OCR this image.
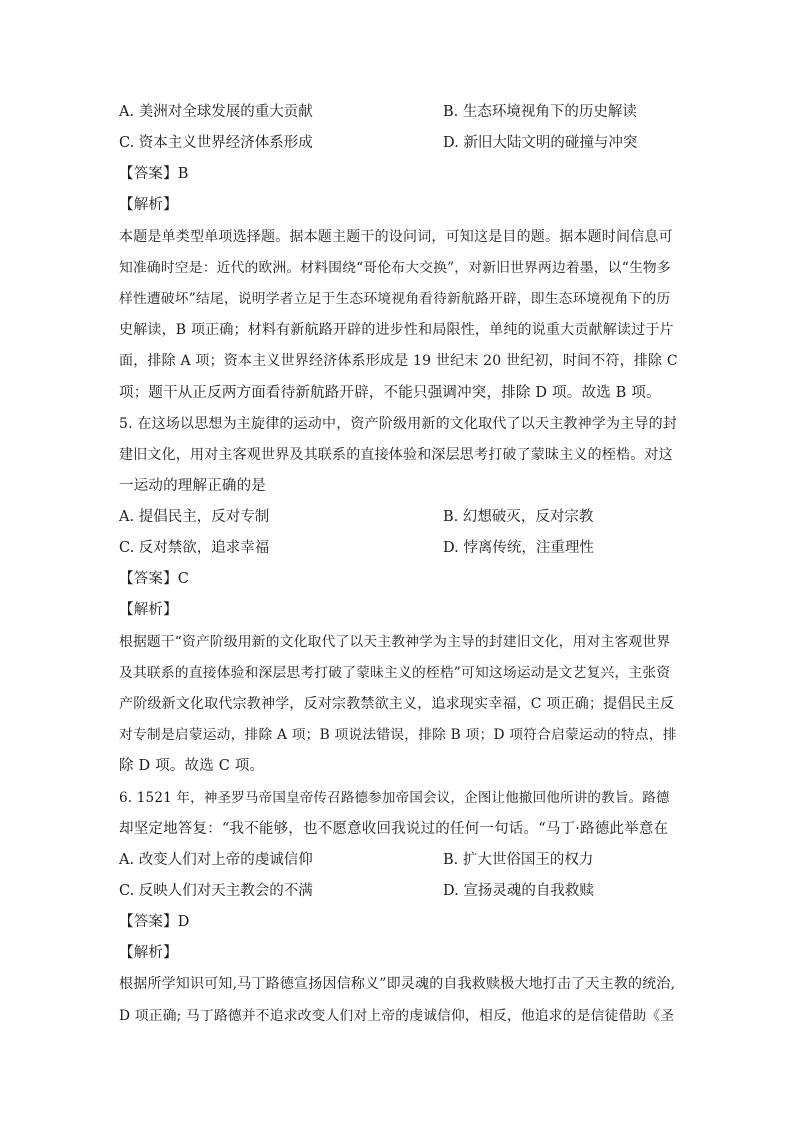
A. 美洲对全球发展的重大贡献	B. 生态环境视角下的历史解读
C. 资本主义世界经济体系形成	D. 新旧大陆文明的碰撞与冲突
【答案】B
【解析】
本题是单类型单项选择题。据本题主题干的设问词，可知这是目的题。据本题时间信息可
知准确时空是：近代的欧洲。材料围绕“哥伦布大交换”，对新旧世界两边着墨，以“生物多
样性遭破坏”结尾，说明学者立足于生态环境视角看待新航路开辟，即生态环境视角下的历
史解读，B 项正确；材料有新航路开辟的进步性和局限性，单纯的说重大贡献解读过于片
面，排除 A 项；资本主义世界经济体系形成是 19 世纪末 20 世纪初，时间不符，排除 C
项；题干从正反两方面看待新航路开辟，不能只强调冲突，排除 D 项。故选 B 项。
5. 在这场以思想为主旋律的运动中，资产阶级用新的文化取代了以天主教神学为主导的封
建旧文化，用对主客观世界及其联系的直接体验和深层思考打破了蒙昧主义的桎梏。对这
一运动的理解正确的是
A. 提倡民主，反对专制	B. 幻想破灭，反对宗教
C. 反对禁欲，追求幸福	D. 悖离传统，注重理性
【答案】C
【解析】
根据题干“资产阶级用新的文化取代了以天主教神学为主导的封建旧文化，用对主客观世界
及其联系的直接体验和深层思考打破了蒙昧主义的桎梏”可知这场运动是文艺复兴，主张资
产阶级新文化取代宗教神学，反对宗教禁欲主义，追求现实幸福，C 项正确；提倡民主反
对专制是启蒙运动，排除 A 项；B 项说法错误，排除 B 项；D 项符合启蒙运动的特点，排
除 D 项。故选 C 项。
6. 1521 年，神圣罗马帝国皇帝传召路德参加帝国会议，企图让他撤回他所讲的教旨。路德
却坚定地答复：“我不能够，也不愿意收回我说过的任何一句话。“马丁·路德此举意在
A. 改变人们对上帝的虔诚信仰	B. 扩大世俗国王的权力
C. 反映人们对天主教会的不满	D. 宣扬灵魂的自我救赎
【答案】D
【解析】
根据所学知识可知,马丁路德宣扬因信称义”即灵魂的自我救赎极大地打击了天主教的统治,
D 项正确; 马丁路德并不追求改变人们对上帝的虔诚信仰，相反，他追求的是信徒借助《圣
